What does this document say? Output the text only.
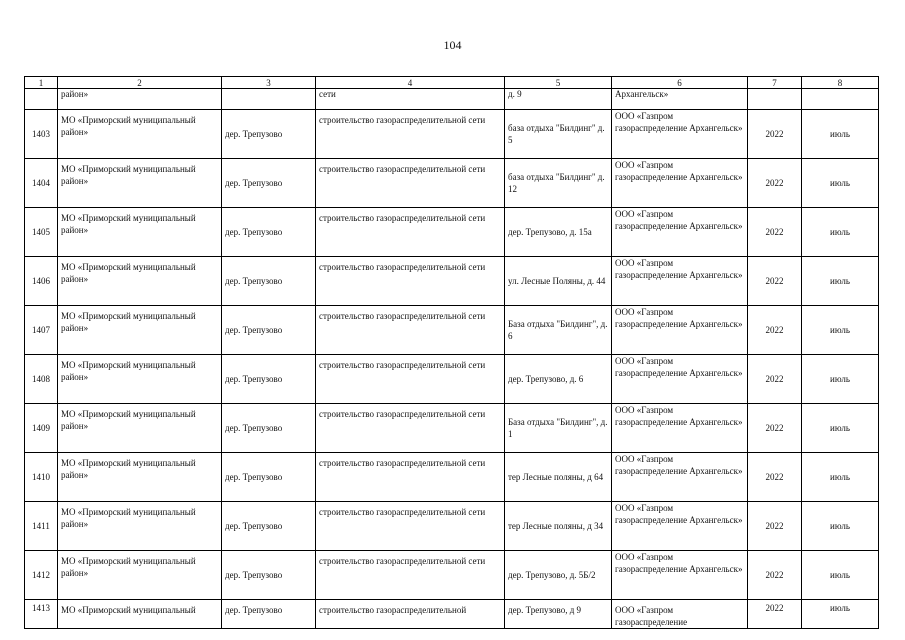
104
1	2	3	4	5	6	7	8
	район»		сети	д. 9	Архангельск»		
1403	МО «Приморский муниципальный район»	дер. Трепузово	строительство газораспределительной сети	база отдыха "Билдинг" д. 5	ООО «Газпром газораспределение Архангельск»	2022	июль
1404	МО «Приморский муниципальный район»	дер. Трепузово	строительство газораспределительной сети	база отдыха "Билдинг" д. 12	ООО «Газпром газораспределение Архангельск»	2022	июль
1405	МО «Приморский муниципальный район»	дер. Трепузово	строительство газораспределительной сети	дер. Трепузово, д. 15а	ООО «Газпром газораспределение Архангельск»	2022	июль
1406	МО «Приморский муниципальный район»	дер. Трепузово	строительство газораспределительной сети	ул. Лесные Поляны, д. 44	ООО «Газпром газораспределение Архангельск»	2022	июль
1407	МО «Приморский муниципальный район»	дер. Трепузово	строительство газораспределительной сети	База отдыха "Билдинг", д. 6	ООО «Газпром газораспределение Архангельск»	2022	июль
1408	МО «Приморский муниципальный район»	дер. Трепузово	строительство газораспределительной сети	дер. Трепузово, д. 6	ООО «Газпром газораспределение Архангельск»	2022	июль
1409	МО «Приморский муниципальный район»	дер. Трепузово	строительство газораспределительной сети	База отдыха "Билдинг", д. 1	ООО «Газпром газораспределение Архангельск»	2022	июль
1410	МО «Приморский муниципальный район»	дер. Трепузово	строительство газораспределительной сети	тер Лесные поляны, д 64	ООО «Газпром газораспределение Архангельск»	2022	июль
1411	МО «Приморский муниципальный район»	дер. Трепузово	строительство газораспределительной сети	тер Лесные поляны, д 34	ООО «Газпром газораспределение Архангельск»	2022	июль
1412	МО «Приморский муниципальный район»	дер. Трепузово	строительство газораспределительной сети	дер. Трепузово, д. 5Б/2	ООО «Газпром газораспределение Архангельск»	2022	июль
1413	МО «Приморский муниципальный	дер. Трепузово	строительство газораспределительной	дер. Трепузово, д 9	ООО «Газпром газораспределение	2022	июль
